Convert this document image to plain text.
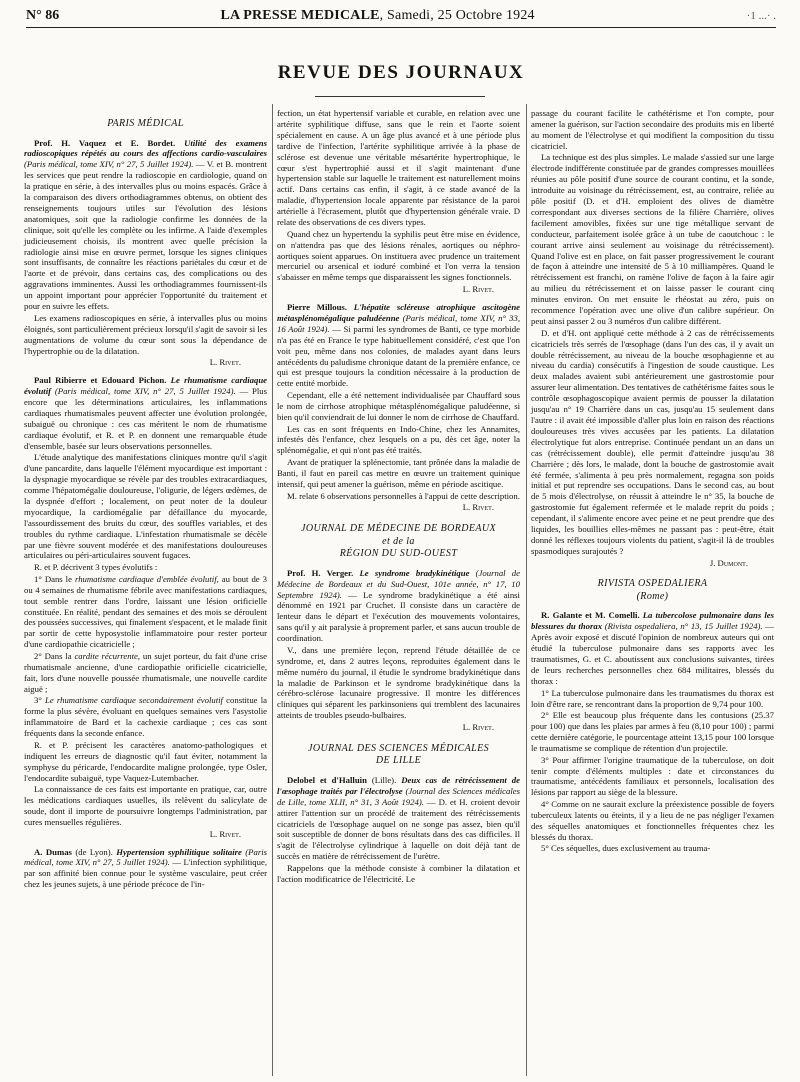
N° 86	LA PRESSE MEDICALE, Samedi, 25 Octobre 1924	·1 ...· .
REVUE DES JOURNAUX
PARIS MÉDICAL

Prof. H. Vaquez et E. Bordet. Utilité des examens radioscopiques répétés au cours des affections cardio-vasculaires (Paris médical, tome XIV, n° 27, 5 Juillet 1924). — V. et B. montrent les services que peut rendre la radioscopie en cardiologie, quand on la pratique en série, à des intervalles plus ou moins espacés. Grâce à la comparaison des divers orthodiagrammes obtenus, on obtient des renseignements toujours utiles sur l'évolution des lésions anatomiques, soit que la radiologie confirme les données de la clinique, soit qu'elle les complète ou les infirme. A l'aide d'exemples judicieusement choisis, ils montrent avec quelle précision la radiologie ainsi mise en œuvre permet, lorsque les signes cliniques sont insuffisants, de connaître les réactions pariétales du cœur et de l'aorte et de prévoir, dans certains cas, des complications ou des aggravations imminentes. Aussi les orthodiagrammes fournissent-ils un appoint important pour apprécier l'opportunité du traitement et pour en suivre les effets.

Les examens radioscopiques en série, à intervalles plus ou moins éloignés, sont particulièrement précieux lorsqu'il s'agit de savoir si les augmentations de volume du cœur sont sous la dépendance de l'hypertrophie ou de la dilatation.

L. Rivet.

Paul Ribierre et Edouard Pichon. Le rhumatisme cardiaque évolutif (Paris médical, tome XIV, n° 27, 5 Juillet 1924). — Plus encore que les déterminations articulaires, les inflammations cardiaques rhumatismales peuvent affecter une évolution prolongée, subaiguë ou chronique : ces cas méritent le nom de rhumatisme cardiaque évolutif, et R. et P. en donnent une remarquable étude d'ensemble, basée sur leurs observations personnelles.

L'étude analytique des manifestations cliniques montre qu'il s'agit d'une pancardite, dans laquelle l'élément myocardique est important : la dyspnagie myocardique se révèle par des troubles extracardiaques, comme l'hépatomégalie douloureuse, l'oligurie, de légers œdèmes, de la dyspnée d'effort ; localement, on peut noter de la douleur myocardique, la cardiomégalie par défaillance du myocarde, l'assourdissement des bruits du cœur, des souffles variables, et des troubles du rythme cardiaque. L'infestation rhumatismale se décèle par une fièvre souvent modérée et des manifestations douloureuses articulaires ou péri-articulaires souvent fugaces.

R. et P. décrivent 3 types évolutifs :

1° Dans le rhumatisme cardiaque d'emblée évolutif, au bout de 3 ou 4 semaines de rhumatisme fébrile avec manifestations cardiaques, tout semble rentrer dans l'ordre, laissant une lésion orificielle constituée. En réalité, pendant des semaines et des mois se déroulent des poussées successives, qui finalement s'espacent, et le malade finit par sortir de cette hyposystolie inflammatoire pour rester porteur d'une cardiopathie cicatricielle ;

2° Dans la cardite récurrente, un sujet porteur, du fait d'une crise rhumatismale ancienne, d'une cardiopathie orificielle cicatricielle, fait, lors d'une nouvelle poussée rhumatismale, une nouvelle cardite aiguë ;

3° Le rhumatisme cardiaque secondairement évolutif constitue la forme la plus sévère, évoluant en quelques semaines vers l'asystolie inflammatoire de Bard et la cachexie cardiaque ; ces cas sont fréquents dans la seconde enfance.

R. et P. précisent les caractères anatomo-pathologiques et indiquent les erreurs de diagnostic qu'il faut éviter, notamment la symphyse du péricarde, l'endocardite maligne prolongée, type Osler, l'endocardite subaiguë, type Vaquez-Lutembacher.

La connaissance de ces faits est importante en pratique, car, outre les médications cardiaques usuelles, ils relèvent du salicylate de soude, dont il importe de poursuivre longtemps l'administration, par cures mensuelles régulières.

L. Rivet.

A. Dumas (de Lyon). Hypertension syphilitique solitaire (Paris médical, tome XIV, n° 27, 5 Juillet 1924). — L'infection syphilitique, par son affinité bien connue pour le système vasculaire, peut créer chez les jeunes sujets, à une période précoce de l'in-

fection, un état hypertensif variable et curable, en relation avec une artérite syphilitique diffuse, sans que le rein et l'aorte soient spécialement en cause. A un âge plus avancé et à une période plus tardive de l'infection, l'artérite syphilitique arrivée à la phase de sclérose est devenue une véritable mésartérite hypertrophique, le cœur s'est hypertrophié aussi et il s'agit maintenant d'une hypertension stable sur laquelle le traitement est naturellement moins actif. Dans certains cas enfin, il s'agit, à ce stade avancé de la maladie, d'hypertension locale apparente par résistance de la paroi artérielle à l'écrasement, plutôt que d'hypertension générale vraie. D relate des observations de ces divers types.

Quand chez un hypertendu la syphilis peut être mise en évidence, on n'attendra pas que des lésions rénales, aortiques ou néphro-aortiques soient apparues. On instituera avec prudence un traitement mercuriel ou arsenical et ioduré combiné et l'on verra la tension s'abaisser en même temps que disparaissent les signes fonctionnels.

L. Rivet.

Pierre Millous. L'hépatite scléreuse atrophique ascitogène métasplénomégalique paludéenne (Paris médical, tome XIV, n° 33, 16 Août 1924). — Si parmi les syndromes de Banti, ce type morbide n'a pas été en France le type habituellement considéré, c'est que l'on voit peu, même dans nos colonies, de malades ayant dans leurs antécédents du paludisme chronique datant de la première enfance, ce qui est presque toujours la condition nécessaire à la production de cette entité morbide.

Cependant, elle a été nettement individualisée par Chauffard sous le nom de cirrhose atrophique métasplénomégalique paludéenne, si bien qu'il conviendrait de lui donner le nom de cirrhose de Chauffard.

Les cas en sont fréquents en Indo-Chine, chez les Annamites, infestés dès l'enfance, chez lesquels on a pu, dès cet âge, noter la splénomégalie, et qui n'ont pas été traités.

Avant de pratiquer la splénectomie, tant prônée dans la maladie de Banti, il faut en pareil cas mettre en œuvre un traitement quinique intensif, qui peut amener la guérison, même en période ascitique.

M. relate 6 observations personnelles à l'appui de cette description.

L. Rivet.

JOURNAL DE MÉDECINE DE BORDEAUX
et de la
RÉGION DU SUD-OUEST

Prof. H. Verger. Le syndrome bradykinétique (Journal de Médecine de Bordeaux et du Sud-Ouest, 101e année, n° 17, 10 Septembre 1924). — Le syndrome bradykinétique a été ainsi dénommé en 1921 par Cruchet. Il consiste dans un caractère de lenteur dans le départ et l'exécution des mouvements volontaires, sans qu'il y ait paralysie à proprement parler, et sans aucun trouble de coordination.

V., dans une première leçon, reprend l'étude détaillée de ce syndrome, et, dans 2 autres leçons, reproduites également dans le même numéro du journal, il étudie le syndrome bradykinétique dans la maladie de Parkinson et le syndrome bradykinétique dans la cérébro-sclérose lacunaire progressive. Il montre les différences cliniques qui séparent les parkinsoniens qui tremblent des lacunaires atteints de troubles pseudo-bulbaires.

L. Rivet.

JOURNAL DES SCIENCES MÉDICALES
DE LILLE

Delobel et d'Halluin (Lille). Deux cas de rétrécissement de l'œsophage traités par l'électrolyse (Journal des Sciences médicales de Lille, tome XLII, n° 31, 3 Août 1924). — D. et H. croient devoir attirer l'attention sur un procédé de traitement des rétrécissements cicatriciels de l'œsophage auquel on ne songe pas assez, bien qu'il soit susceptible de donner de bons résultats dans des cas difficiles. Il s'agit de l'électrolyse cylindrique à laquelle on doit déjà tant de succès en matière de rétrécissement de l'urètre.

Rappelons que la méthode consiste à combiner la dilatation et l'action modificatrice de l'électricité. Le

passage du courant facilite le cathétérisme et l'on compte, pour amener la guérison, sur l'action secondaire des produits mis en liberté au moment de l'électrolyse et qui modifient la composition du tissu cicatriciel.

La technique est des plus simples. Le malade s'assied sur une large électrode indifférente constituée par de grandes compresses mouillées réunies au pôle positif d'une source de courant continu, et la sonde, introduite au voisinage du rétrécissement, est, au contraire, reliée au pôle positif (D. et d'H. emploient des olives de diamètre correspondant aux diverses sections de la filière Charrière, olives facilement amovibles, fixées sur une tige métallique servant de conducteur, parfaitement isolée grâce à un tube de caoutchouc : le courant arrive ainsi seulement au voisinage du rétrécissement). Quand l'olive est en place, on fait passer progressivement le courant de façon à atteindre une intensité de 5 à 10 milliampères. Quand le rétrécissement est franchi, on ramène l'olive de façon à la faire agir au milieu du rétrécissement et on laisse passer le courant cinq minutes environ. On met ensuite le rhéostat au zéro, puis on recommence l'opération avec une olive d'un calibre supérieur. On peut ainsi passer 2 ou 3 numéros d'un calibre différent.

D. et d'H. ont appliqué cette méthode à 2 cas de rétrécissements cicatriciels très serrés de l'œsophage (dans l'un des cas, il y avait un double rétrécissement, au niveau de la bouche œsophagienne et au niveau du cardia) consécutifs à l'ingestion de soude caustique. Les deux malades avaient subi antérieurement une gastrostomie pour assurer leur alimentation. Des tentatives de cathétérisme faites sous le contrôle œsophagoscopique avaient permis de pousser la dilatation jusqu'au n° 19 Charrière dans un cas, jusqu'au 15 seulement dans l'autre : il avait été impossible d'aller plus loin en raison des réactions douloureuses très vives accusées par les patients. La dilatation électrolytique fut alors entreprise. Continuée pendant un an dans un cas (rétrécissement double), elle permit d'atteindre jusqu'au 38 Charrière ; dès lors, le malade, dont la bouche de gastrostomie avait été fermée, s'alimenta à peu près normalement, regagna son poids initial et put reprendre ses occupations. Dans le second cas, au bout de 5 mois d'électrolyse, on réussit à atteindre le n° 35, la bouche de gastrostomie fut également refermée et le malade reprit du poids ; cependant, il s'alimente encore avec peine et ne peut prendre que des liquides, les bouillies elles-mêmes ne passant pas : peut-être, était donné les réflexes toujours violents du patient, s'agit-il là de troubles spasmodiques surajoutés ?

J. Dumont.

RIVISTA OSPEDALIERA
(Rome)

R. Galante et M. Comelli. La tubercolose pulmonaire dans les blessures du thorax (Rivista ospedaliera, n° 13, 15 Juillet 1924). — Après avoir exposé et discuté l'opinion de nombreux auteurs qui ont étudié la tuberculose pulmonaire dans ses rapports avec les traumatismes, G. et C. aboutissent aux conclusions suivantes, tirées de leurs recherches personnelles chez 684 militaires, blessés du thorax :

1° La tuberculose pulmonaire dans les traumatismes du thorax est loin d'être rare, se rencontrant dans la proportion de 9,74 pour 100.

2° Elle est beaucoup plus fréquente dans les contusions (25.37 pour 100) que dans les plaies par armes à feu (8,10 pour 100) ; parmi cette dernière catégorie, le pourcentage atteint 13,15 pour 100 lorsque le traumatisme se complique de rétention d'un projectile.

3° Pour affirmer l'origine traumatique de la tuberculose, on doit tenir compte d'éléments multiples : date et circonstances du traumatisme, antécédents familiaux et personnels, localisation des lésions par rapport au siège de la blessure.

4° Comme on ne saurait exclure la préexistence possible de foyers tuberculeux latents ou éteints, il y a lieu de ne pas négliger l'examen des séquelles anatomiques et fonctionnelles fréquentes chez les blessés du thorax.

5° Ces séquelles, dues exclusivement au trauma-
